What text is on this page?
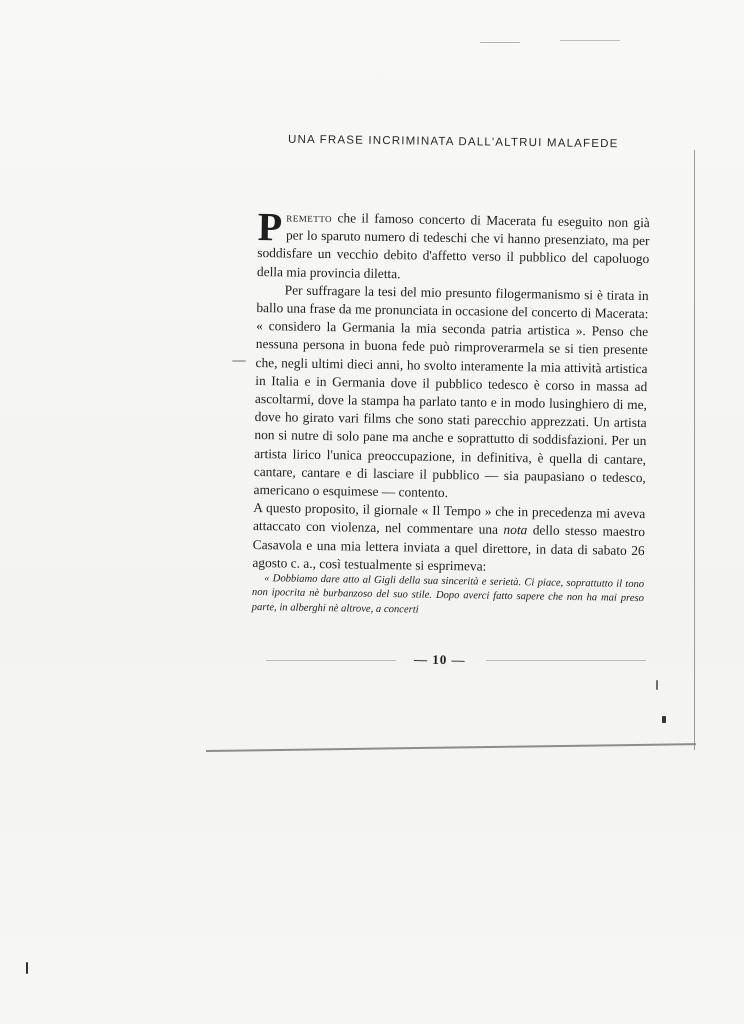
UNA FRASE INCRIMINATA DALL'ALTRUI MALAFEDE

Premetto che il famoso concerto di Macerata fu eseguito non già per lo sparuto numero di tedeschi che vi hanno presenziato, ma per soddisfare un vecchio debito d'affetto verso il pubblico del capoluogo della mia provincia diletta.

Per suffragare la tesi del mio presunto filogermanismo si è tirata in ballo una frase da me pronunciata in occasione del concerto di Macerata: « considero la Germania la mia seconda patria artistica ». Penso che nessuna persona in buona fede può rimproverarmela se si tien presente che, negli ultimi dieci anni, ho svolto interamente la mia attività artistica in Italia e in Germania dove il pubblico tedesco è corso in massa ad ascoltarmi, dove la stampa ha parlato tanto e in modo lusinghiero di me, dove ho girato vari films che sono stati parecchio apprezzati. Un artista non si nutre di solo pane ma anche e soprattutto di soddisfazioni. Per un artista lirico l'unica preoccupazione, in definitiva, è quella di cantare, cantare, cantare e di lasciare il pubblico — sia paupasiano o tedesco, americano o esquimese — contento.

A questo proposito, il giornale « Il Tempo » che in precedenza mi aveva attaccato con violenza, nel commentare una nota dello stesso maestro Casavola e una mia lettera inviata a quel direttore, in data di sabato 26 agosto c. a., così testualmente si esprimeva:

« Dobbiamo dare atto al Gigli della sua sincerità e serietà. Ci piace, soprattutto il tono non ipocrita nè burbanzoso del suo stile. Dopo averci fatto sapere che non ha mai preso parte, in alberghi nè altrove, a concerti

— 10 —
